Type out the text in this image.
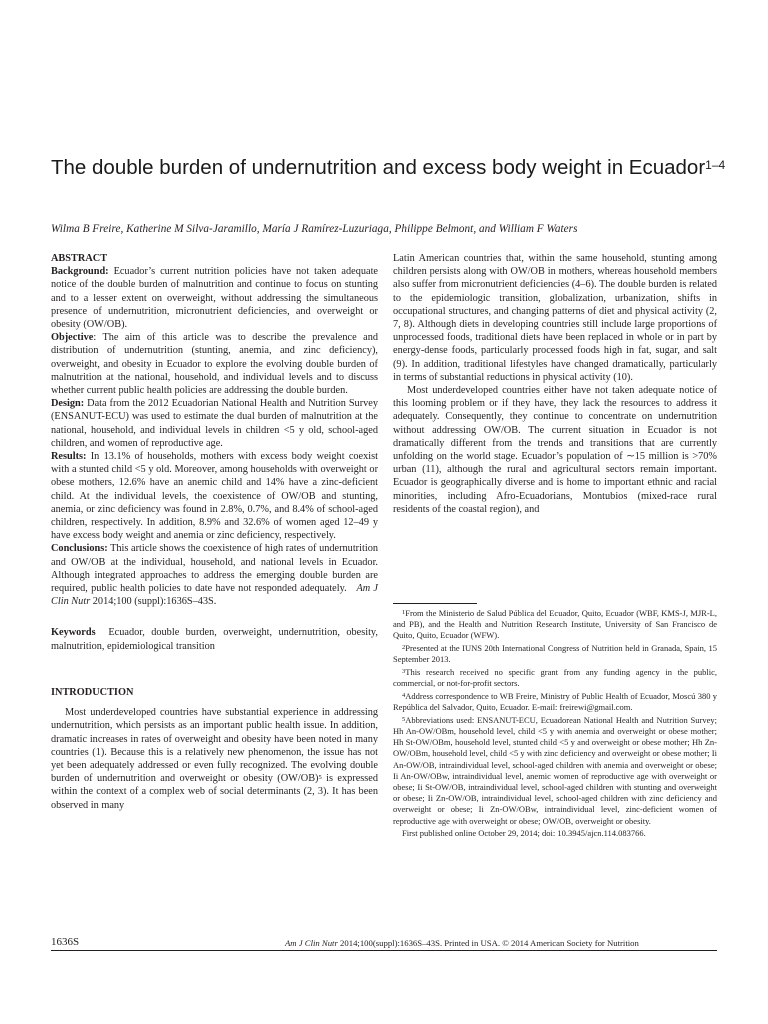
The double burden of undernutrition and excess body weight in Ecuador$^{1-4}$
Wilma B Freire, Katherine M Silva-Jaramillo, María J Ramírez-Luzuriaga, Philippe Belmont, and William F Waters

ABSTRACT

Background: Ecuador’s current nutrition policies have not taken adequate notice of the double burden of malnutrition and continue to focus on stunting and to a lesser extent on overweight, without addressing the simultaneous presence of undernutrition, micronutrient deficiencies, and overweight or obesity (OW/OB).

Objective: The aim of this article was to describe the prevalence and distribution of undernutrition (stunting, anemia, and zinc deficiency), overweight, and obesity in Ecuador to explore the evolving double burden of malnutrition at the national, household, and individual levels and to discuss whether current public health policies are addressing the double burden.

Design: Data from the 2012 Ecuadorian National Health and Nutrition Survey (ENSANUT-ECU) was used to estimate the dual burden of malnutrition at the national, household, and individual levels in children <5 y old, school-aged children, and women of reproductive age.

Results: In 13.1% of households, mothers with excess body weight coexist with a stunted child <5 y old. Moreover, among households with overweight or obese mothers, 12.6% have an anemic child and 14% have a zinc-deficient child. At the individual levels, the coexistence of OW/OB and stunting, anemia, or zinc deficiency was found in 2.8%, 0.7%, and 8.4% of school-aged children, respectively. In addition, 8.9% and 32.6% of women aged 12–49 y have excess body weight and anemia or zinc deficiency, respectively.

Conclusions: This article shows the coexistence of high rates of undernutrition and OW/OB at the individual, household, and national levels in Ecuador. Although integrated approaches to address the emerging double burden are required, public health policies to date have not responded adequately. Am J Clin Nutr 2014;100 (suppl):1636S–43S.

Keywords Ecuador, double burden, overweight, undernutrition, obesity, malnutrition, epidemiological transition

INTRODUCTION

Most underdeveloped countries have substantial experience in addressing undernutrition, which persists as an important public health issue. In addition, dramatic increases in rates of overweight and obesity have been noted in many countries (1). Because this is a relatively new phenomenon, the issue has not yet been adequately addressed or even fully recognized. The evolving double burden of undernutrition and overweight or obesity $(OW/OB)^5$ is expressed within the context of a complex web of social determinants (2, 3). It has been observed in many

Latin American countries that, within the same household, stunting among children persists along with OW/OB in mothers, whereas household members also suffer from micronutrient deficiencies (4–6). The double burden is related to the epidemiologic transition, globalization, urbanization, shifts in occupational structures, and changing patterns of diet and physical activity (2, 7, 8). Although diets in developing countries still include large proportions of unprocessed foods, traditional diets have been replaced in whole or in part by energy-dense foods, particularly processed foods high in fat, sugar, and salt (9). In addition, traditional lifestyles have changed dramatically, particularly in terms of substantial reductions in physical activity (10).

Most underdeveloped countries either have not taken adequate notice of this looming problem or if they have, they lack the resources to address it adequately. Consequently, they continue to concentrate on undernutrition without addressing OW/OB. The current situation in Ecuador is not dramatically different from the trends and transitions that are currently unfolding on the world stage. Ecuador’s population of ∼15 million is >70% urban (11), although the rural and agricultural sectors remain important. Ecuador is geographically diverse and is home to important ethnic and racial minorities, including Afro-Ecuadorians, Montubios (mixed-race rural residents of the coastal region), and

$^1$From the Ministerio de Salud Pública del Ecuador, Quito, Ecuador (WBF, KMS-J, MJR-L, and PB), and the Health and Nutrition Research Institute, University of San Francisco de Quito, Quito, Ecuador (WFW).

$^2$Presented at the IUNS 20th International Congress of Nutrition held in Granada, Spain, 15 September 2013.

$^3$This research received no specific grant from any funding agency in the public, commercial, or not-for-profit sectors.

$^4$Address correspondence to WB Freire, Ministry of Public Health of Ecuador, Moscú 380 y República del Salvador, Quito, Ecuador. E-mail: freirewi@gmail.com.

$^5$Abbreviations used: ENSANUT-ECU, Ecuadorean National Health and Nutrition Survey; Hh An-OW/OBm, household level, child <5 y with anemia and overweight or obese mother; Hh St-OW/OBm, household level, stunted child <5 y and overweight or obese mother; Hh Zn-OW/OBm, household level, child <5 y with zinc deficiency and overweight or obese mother; Ii An-OW/OB, intraindividual level, school-aged children with anemia and overweight or obese; Ii An-OW/OBw, intraindividual level, anemic women of reproductive age with overweight or obese; Ii St-OW/OB, intraindividual level, school-aged children with stunting and overweight or obese; Ii Zn-OW/OB, intraindividual level, school-aged children with zinc deficiency and overweight or obese; Ii Zn-OW/OBw, intraindividual level, zinc-deficient women of reproductive age with overweight or obese; OW/OB, overweight or obesity.

First published online October 29, 2014; doi: 10.3945/ajcn.114.083766.

1636S	Am J Clin Nutr 2014;100(suppl):1636S–43S. Printed in USA. © 2014 American Society for Nutrition
